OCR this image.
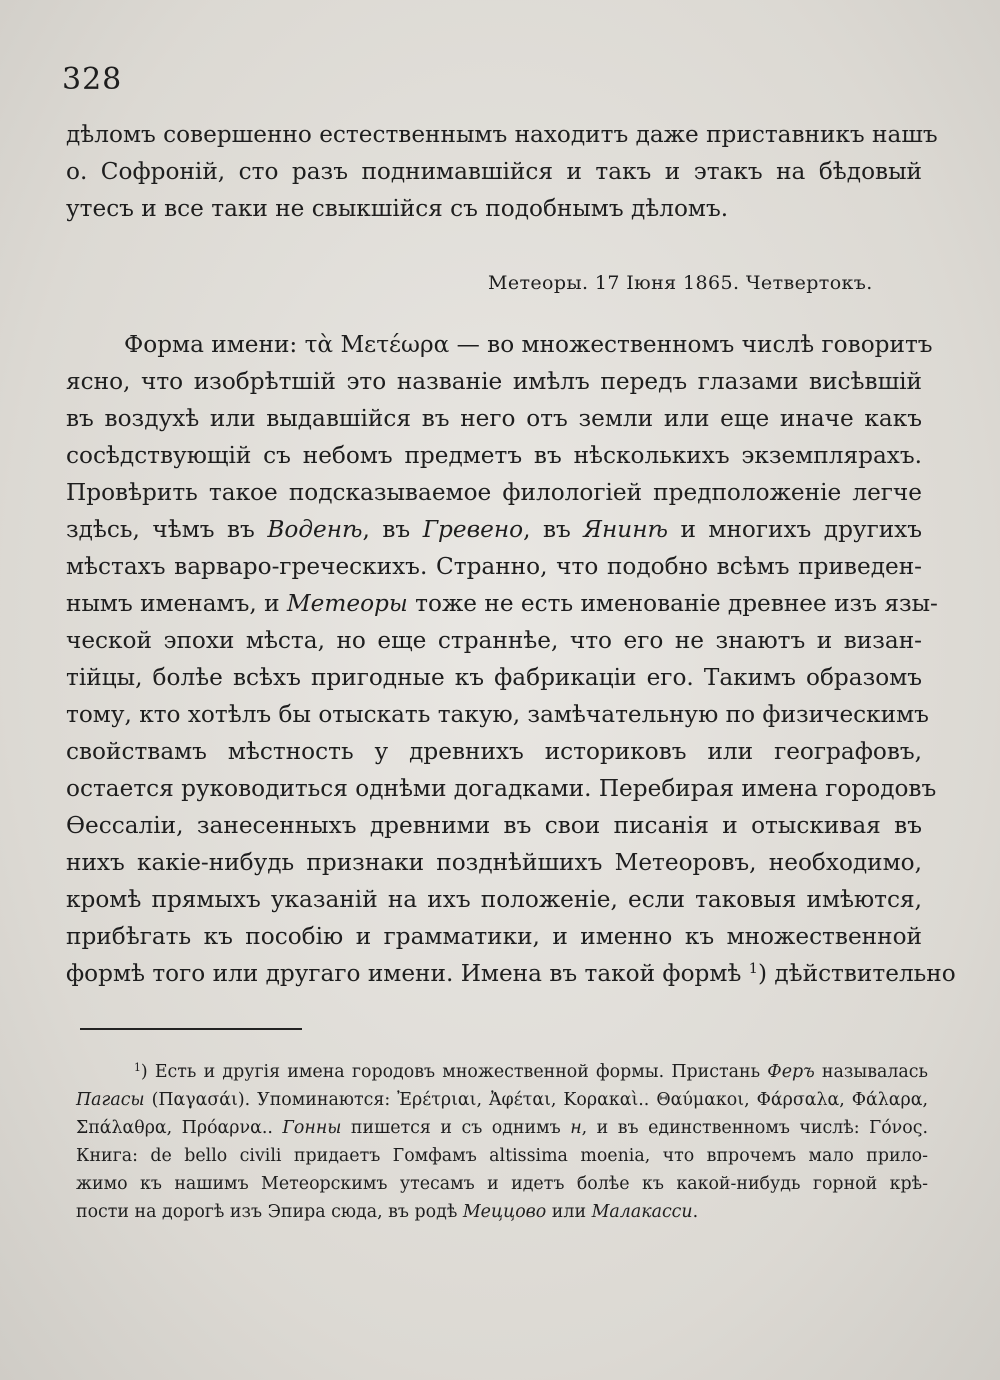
328
дѣломъ совершенно естественнымъ находитъ даже приставникъ нашъ
о. Софроній, сто разъ поднимавшійся и такъ и этакъ на бѣдовый
утесъ и все таки не свыкшійся съ подобнымъ дѣломъ.
Метеоры. 17 Іюня 1865. Четвертокъ.
Форма имени: τὰ Μετέωρα — во множественномъ числѣ говоритъ
ясно, что изобрѣтшій это названіе имѣлъ передъ глазами висѣвшій
въ воздухѣ или выдавшійся въ него отъ земли или еще иначе какъ
сосѣдствующій съ небомъ предметъ въ нѣсколькихъ экземплярахъ.
Провѣрить такое подсказываемое филологіей предположеніе легче
здѣсь, чѣмъ въ Воденѣ, въ Гревено, въ Янинѣ и многихъ другихъ
мѣстахъ варваро-греческихъ. Странно, что подобно всѣмъ приведен-
нымъ именамъ, и Метеоры тоже не есть именованіе древнее изъ язы-
ческой эпохи мѣста, но еще страннѣе, что его не знаютъ и визан-
тійцы, болѣе всѣхъ пригодные къ фабрикаціи его. Такимъ образомъ
тому, кто хотѣлъ бы отыскать такую, замѣчательную по физическимъ
свойствамъ мѣстность у древнихъ историковъ или географовъ,
остается руководиться однѣми догадками. Перебирая имена городовъ
Ѳессаліи, занесенныхъ древними въ свои писанія и отыскивая въ
нихъ какіе-нибудь признаки позднѣйшихъ Метеоровъ, необходимо,
кромѣ прямыхъ указаній на ихъ положеніе, если таковыя имѣются,
прибѣгать къ пособію и грамматики, и именно къ множественной
формѣ того или другаго имени. Имена въ такой формѣ $^1$) дѣйствительно
$^1$) Есть и другія имена городовъ множественной формы. Пристань Феръ называлась
Пагасы (Παγασάι). Упоминаются: Ἐρέτριαι, Ἀφέται, Κορακαὶ.. Θαύμακοι, Φάρσαλα, Φάλαρα,
Σπάλαθρα, Πρόαρνα.. Гонны пишется и съ однимъ н, и въ единственномъ числѣ: Γόνος.
Книга: de bello civili придаетъ Гомфамъ altissima moenia, что впрочемъ мало прило-
жимо къ нашимъ Метеорскимъ утесамъ и идетъ болѣе къ какой-нибудь горной крѣ-
пости на дорогѣ изъ Эпира сюда, въ родѣ Меццово или Малакасси.
